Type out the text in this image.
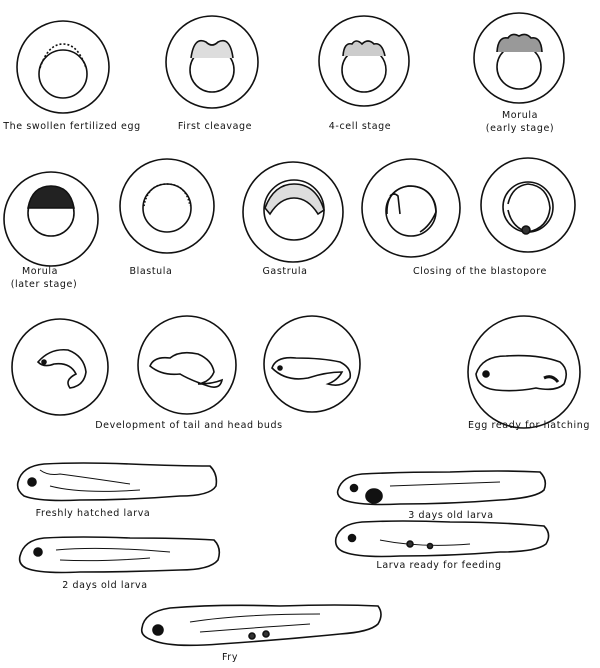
The swollen fertilized egg	First cleavage	4-cell stage
Morula
(early stage)
Morula
(later stage)
Blastula	Gastrula	Closing of the blastopore
Development of tail and head buds	Egg ready for hatching
Freshly hatched larva	3 days old larva
2 days old larva
Larva ready for feeding
Fry
